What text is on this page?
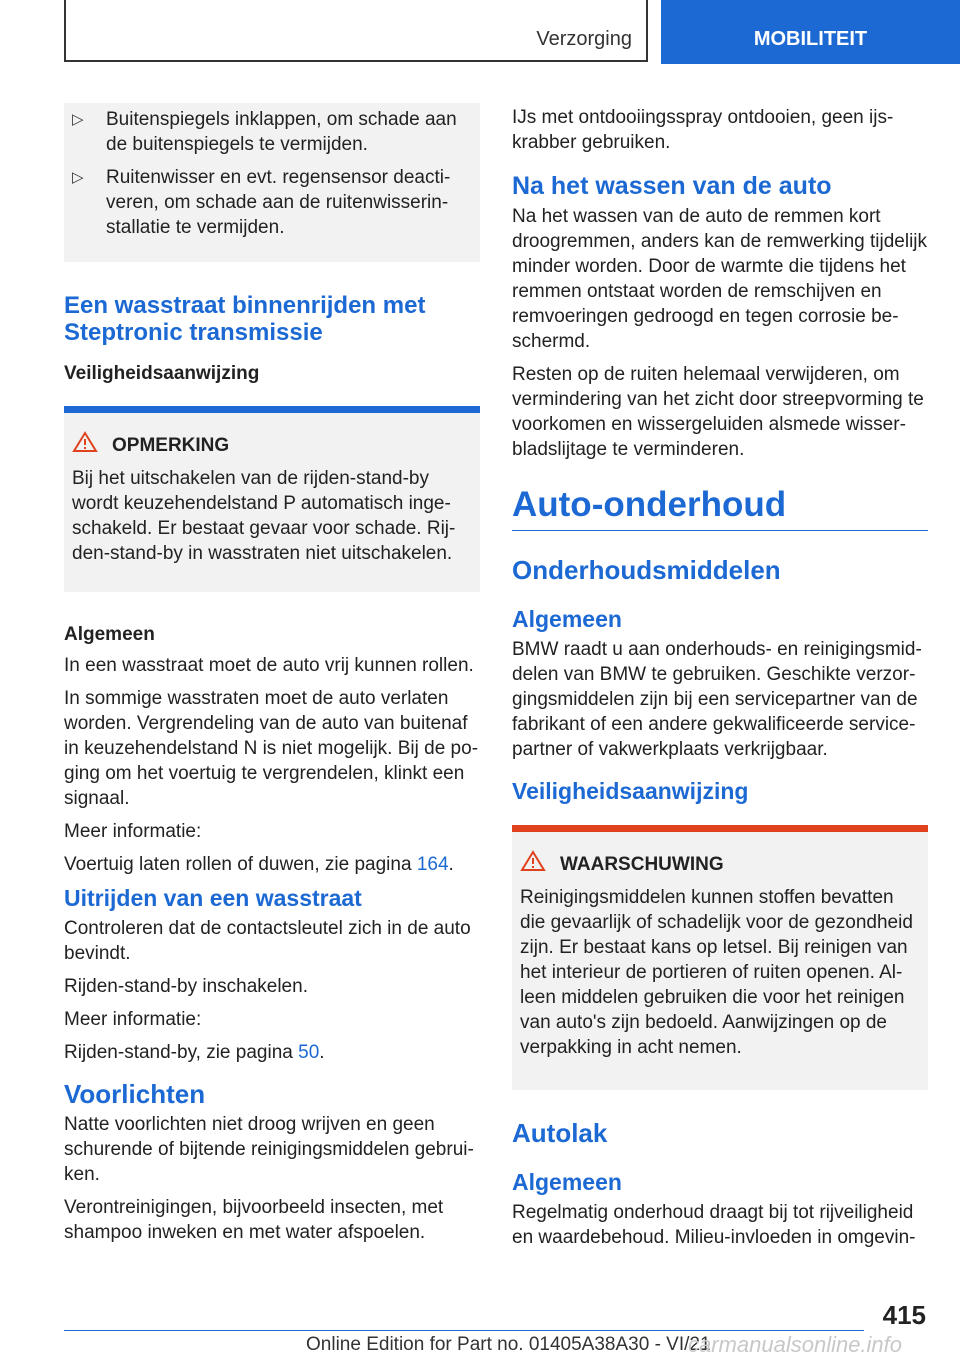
Verzorging	MOBILITEIT
▷	Buitenspiegels inklappen, om schade aan de buitenspiegels te vermijden.
▷	Ruitenwisser en evt. regensensor deactiveren, om schade aan de ruitenwisserinstallatie te vermijden.
Een wasstraat binnenrijden met Steptronic transmissie
Veiligheidsaanwijzing
OPMERKING

Bij het uitschakelen van de rijden-stand-by wordt keuzehendelstand P automatisch ingeschakeld. Er bestaat gevaar voor schade. Rijden-stand-by in wasstraten niet uitschakelen.

Algemeen

In een wasstraat moet de auto vrij kunnen rollen.

In sommige wasstraten moet de auto verlaten worden. Vergrendeling van de auto van buitenaf in keuzehendelstand N is niet mogelijk. Bij de poging om het voertuig te vergrendelen, klinkt een signaal.

Meer informatie:

Voertuig laten rollen of duwen, zie pagina 164.

Uitrijden van een wasstraat

Controleren dat de contactsleutel zich in de auto bevindt.

Rijden-stand-by inschakelen.

Meer informatie:

Rijden-stand-by, zie pagina 50.

Voorlichten

Natte voorlichten niet droog wrijven en geen schurende of bijtende reinigingsmiddelen gebruiken.

Verontreinigingen, bijvoorbeeld insecten, met shampoo inweken en met water afspoelen.

IJs met ontdooiingsspray ontdooien, geen ijskrabber gebruiken.

Na het wassen van de auto

Na het wassen van de auto de remmen kort droogremmen, anders kan de remwerking tijdelijk minder worden. Door de warmte die tijdens het remmen ontstaat worden de remschijven en remvoeringen gedroogd en tegen corrosie beschermd.

Resten op de ruiten helemaal verwijderen, om vermindering van het zicht door streepvorming te voorkomen en wissergeluiden alsmede wisserbladslijtage te verminderen.

Auto-onderhoud
Onderhoudsmiddelen
Algemeen

BMW raadt u aan onderhouds- en reinigingsmiddelen van BMW te gebruiken. Geschikte verzorgingsmiddelen zijn bij een servicepartner van de fabrikant of een andere gekwalificeerde servicepartner of vakwerkplaats verkrijgbaar.

Veiligheidsaanwijzing
WAARSCHUWING

Reinigingsmiddelen kunnen stoffen bevatten die gevaarlijk of schadelijk voor de gezondheid zijn. Er bestaat kans op letsel. Bij reinigen van het interieur de portieren of ruiten openen. Alleen middelen gebruiken die voor het reinigen van auto's zijn bedoeld. Aanwijzingen op de verpakking in acht nemen.

Autolak
Algemeen

Regelmatig onderhoud draagt bij tot rijveiligheid en waardebehoud. Milieu-invloeden in omgevin-

415
Online Edition for Part no. 01405A38A30 - VI/21
carmanualsonline.info
